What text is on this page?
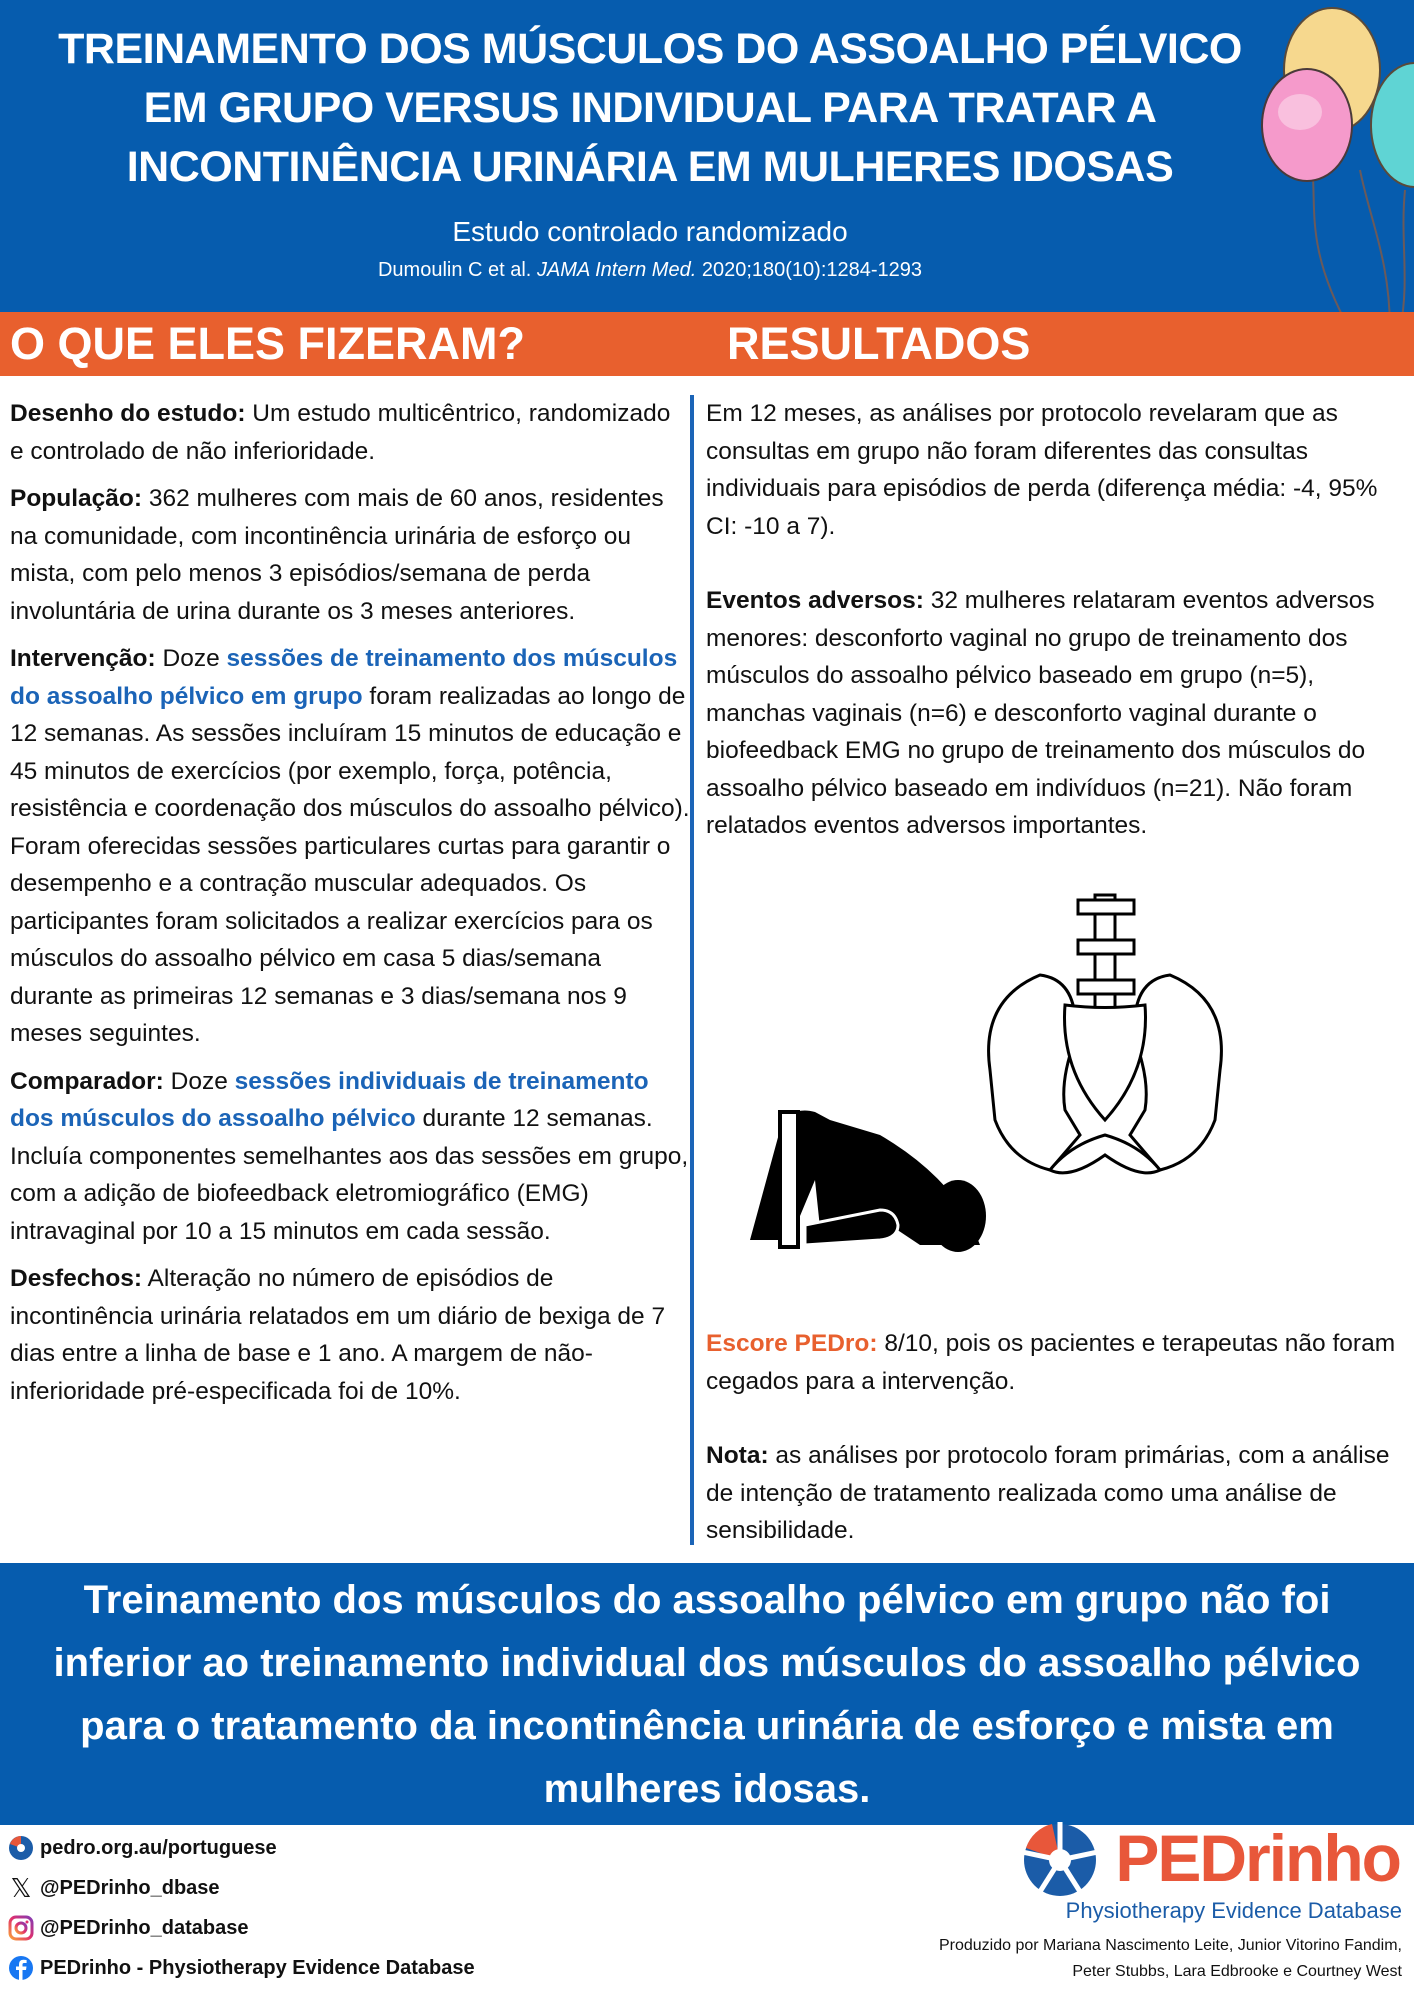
TREINAMENTO DOS MÚSCULOS DO ASSOALHO PÉLVICO
EM GRUPO VERSUS INDIVIDUAL PARA TRATAR A
INCONTINÊNCIA URINÁRIA EM MULHERES IDOSAS
Estudo controlado randomizado
Dumoulin C et al. JAMA Intern Med. 2020;180(10):1284-1293
O QUE ELES FIZERAM?	RESULTADOS

Desenho do estudo: Um estudo multicêntrico, randomizado e controlado de não inferioridade.

População: 362 mulheres com mais de 60 anos, residentes na comunidade, com incontinência urinária de esforço ou mista, com pelo menos 3 episódios/semana de perda involuntária de urina durante os 3 meses anteriores.

Intervenção: Doze sessões de treinamento dos músculos do assoalho pélvico em grupo foram realizadas ao longo de 12 semanas. As sessões incluíram 15 minutos de educação e 45 minutos de exercícios (por exemplo, força, potência, resistência e coordenação dos músculos do assoalho pélvico). Foram oferecidas sessões particulares curtas para garantir o desempenho e a contração muscular adequados. Os participantes foram solicitados a realizar exercícios para os músculos do assoalho pélvico em casa 5 dias/semana durante as primeiras 12 semanas e 3 dias/semana nos 9 meses seguintes.

Comparador: Doze sessões individuais de treinamento dos músculos do assoalho pélvico durante 12 semanas. Incluía componentes semelhantes aos das sessões em grupo, com a adição de biofeedback eletromiográfico (EMG) intravaginal por 10 a 15 minutos em cada sessão.

Desfechos: Alteração no número de episódios de incontinência urinária relatados em um diário de bexiga de 7 dias entre a linha de base e 1 ano. A margem de não-inferioridade pré-especificada foi de 10%.

Em 12 meses, as análises por protocolo revelaram que as consultas em grupo não foram diferentes das consultas individuais para episódios de perda (diferença média: -4, 95% CI: -10 a 7).

Eventos adversos: 32 mulheres relataram eventos adversos menores: desconforto vaginal no grupo de treinamento dos músculos do assoalho pélvico baseado em grupo (n=5), manchas vaginais (n=6) e desconforto vaginal durante o biofeedback EMG no grupo de treinamento dos músculos do assoalho pélvico baseado em indivíduos (n=21). Não foram relatados eventos adversos importantes.

Escore PEDro: 8/10, pois os pacientes e terapeutas não foram cegados para a intervenção.

Nota: as análises por protocolo foram primárias, com a análise de intenção de tratamento realizada como uma análise de sensibilidade.

Treinamento dos músculos do assoalho pélvico em grupo não foi inferior ao treinamento individual dos músculos do assoalho pélvico para o tratamento da incontinência urinária de esforço e mista em mulheres idosas.

pedro.org.au/portuguese
𝕏 @PEDrinho_dbase
@PEDrinho_database
PEDrinho - Physiotherapy Evidence Database
PEDrinho
Physiotherapy Evidence Database
Produzido por Mariana Nascimento Leite, Junior Vitorino Fandim,
Peter Stubbs, Lara Edbrooke e Courtney West
